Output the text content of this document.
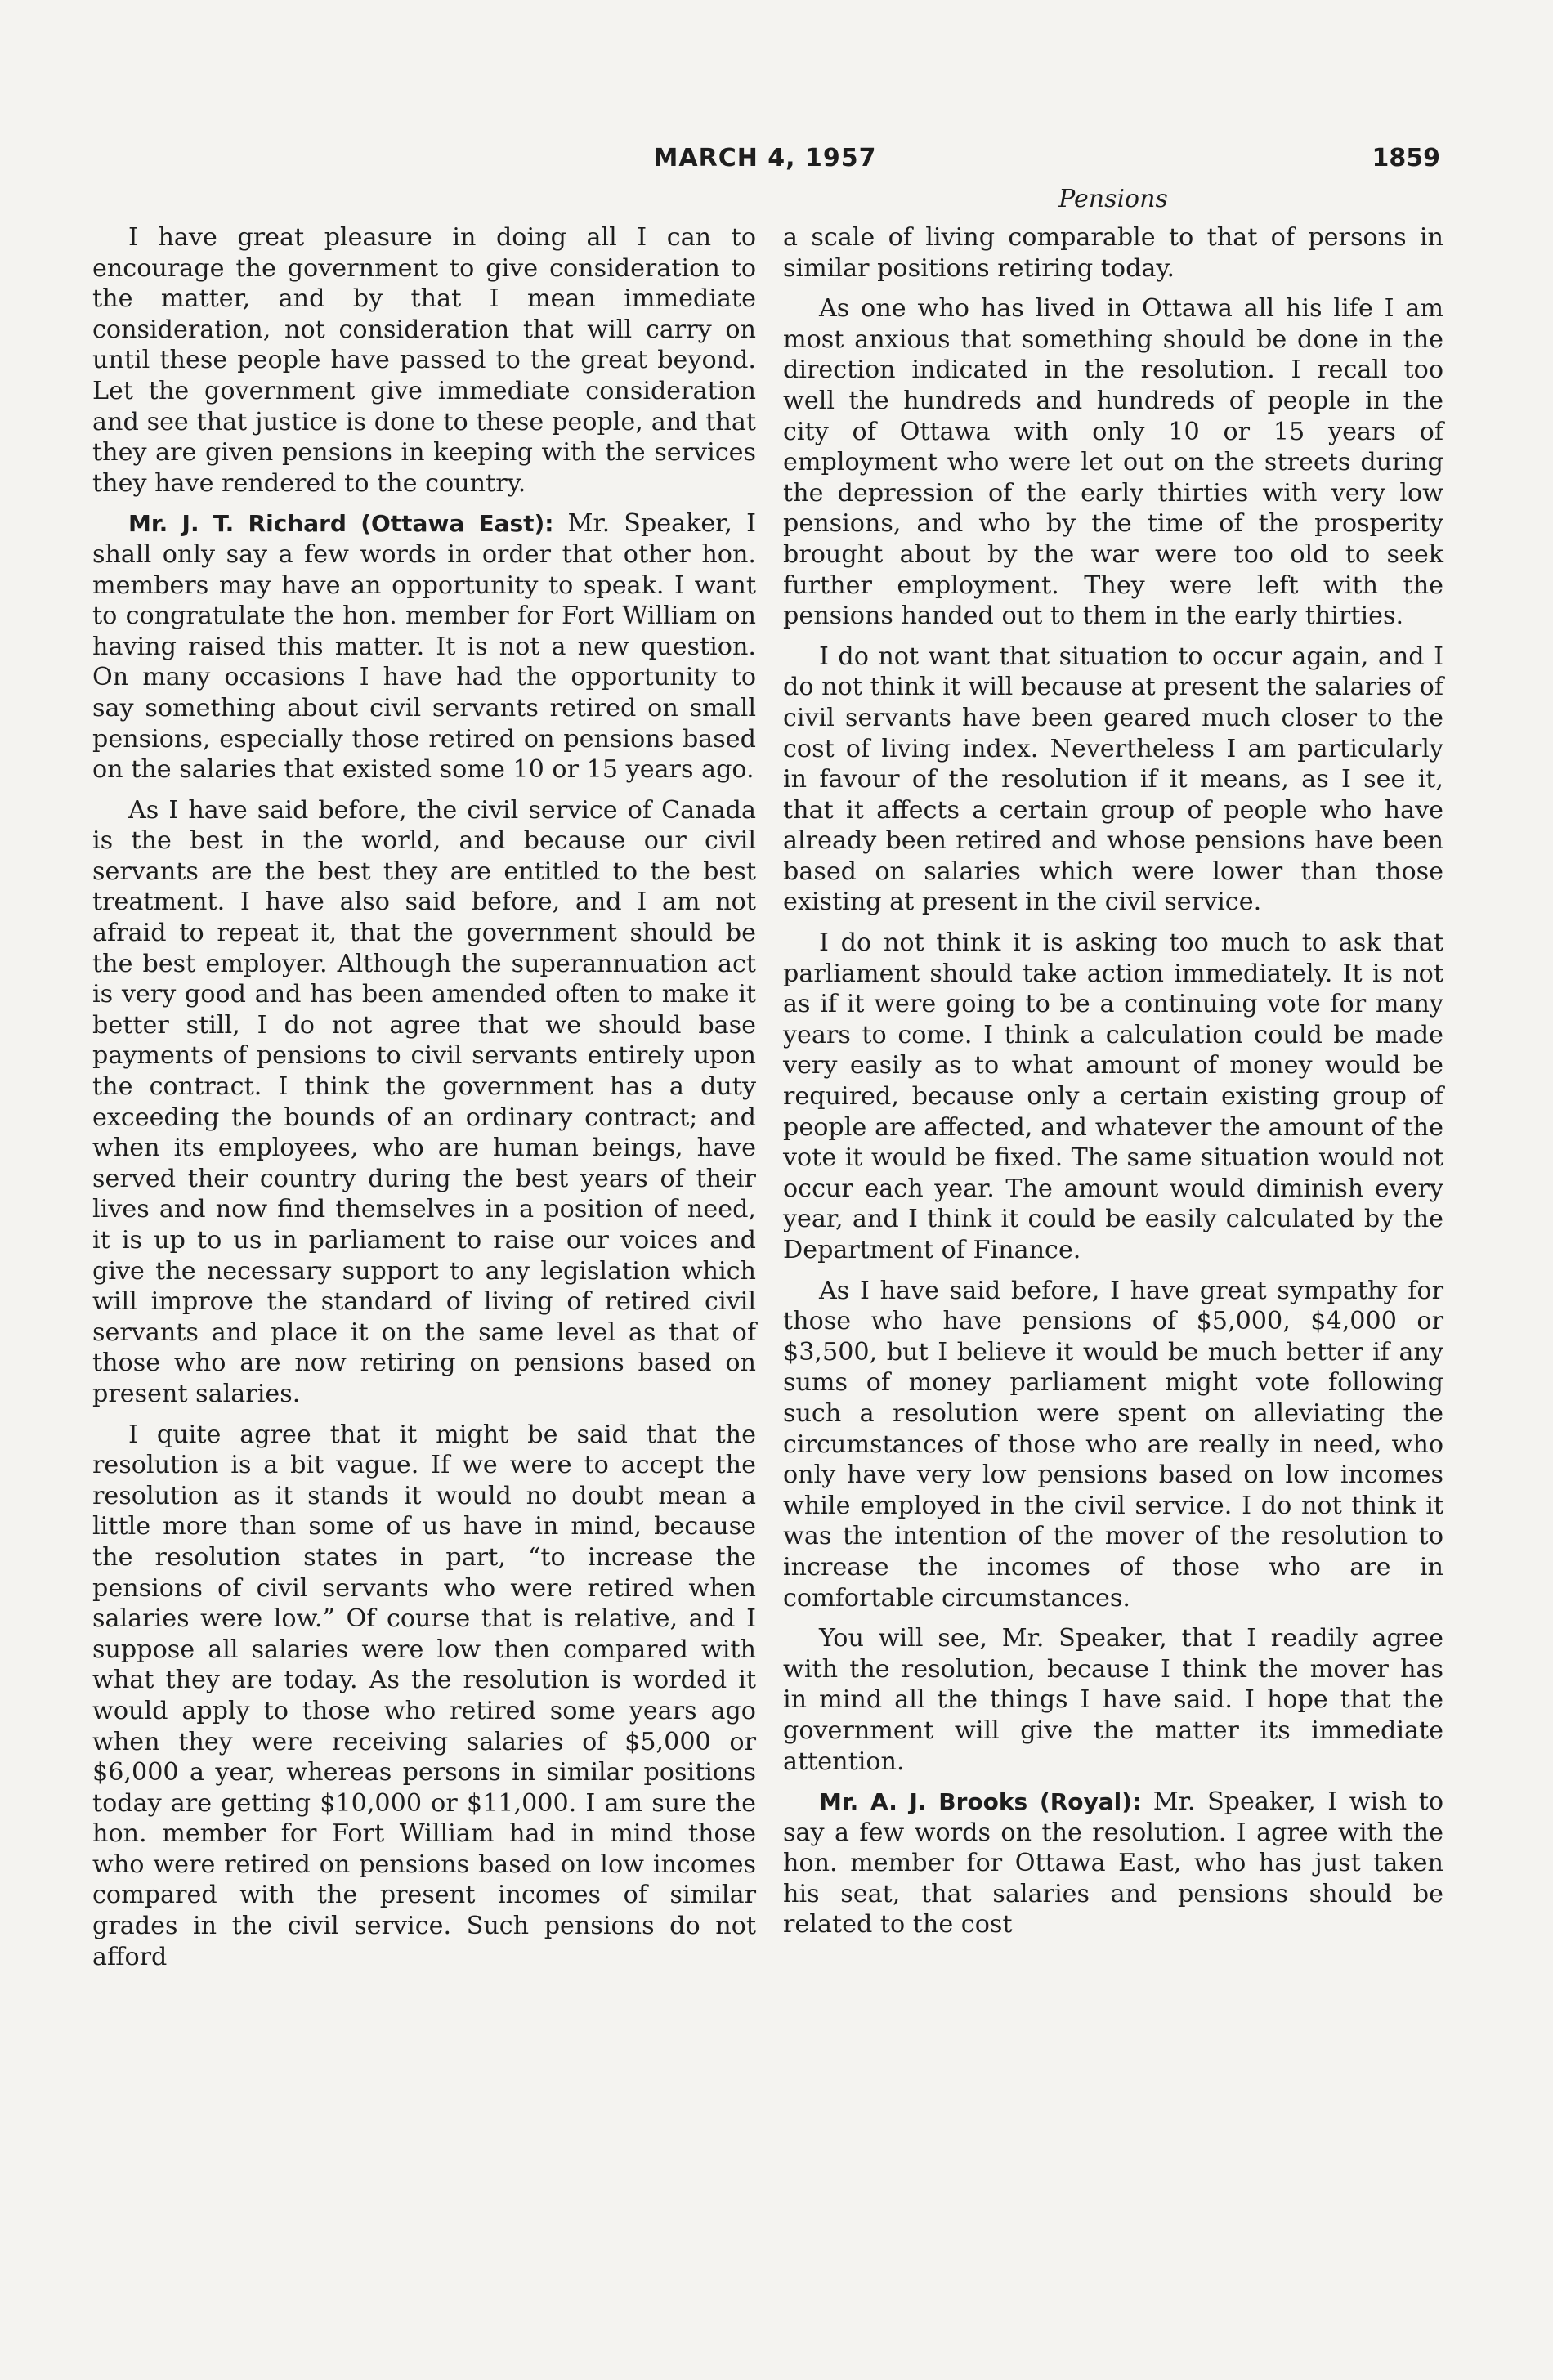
MARCH 4, 1957	1859
Pensions

I have great pleasure in doing all I can to encourage the government to give consideration to the matter, and by that I mean immediate consideration, not consideration that will carry on until these people have passed to the great beyond. Let the government give immediate consideration and see that justice is done to these people, and that they are given pensions in keeping with the services they have rendered to the country.

Mr. J. T. Richard (Ottawa East): Mr. Speaker, I shall only say a few words in order that other hon. members may have an opportunity to speak. I want to congratulate the hon. member for Fort William on having raised this matter. It is not a new question. On many occasions I have had the opportunity to say something about civil servants retired on small pensions, especially those retired on pensions based on the salaries that existed some 10 or 15 years ago.

As I have said before, the civil service of Canada is the best in the world, and because our civil servants are the best they are entitled to the best treatment. I have also said before, and I am not afraid to repeat it, that the government should be the best employer. Although the superannuation act is very good and has been amended often to make it better still, I do not agree that we should base payments of pensions to civil servants entirely upon the contract. I think the government has a duty exceeding the bounds of an ordinary contract; and when its employees, who are human beings, have served their country during the best years of their lives and now find themselves in a position of need, it is up to us in parliament to raise our voices and give the necessary support to any legislation which will improve the standard of living of retired civil servants and place it on the same level as that of those who are now retiring on pensions based on present salaries.

I quite agree that it might be said that the resolution is a bit vague. If we were to accept the resolution as it stands it would no doubt mean a little more than some of us have in mind, because the resolution states in part, “to increase the pensions of civil servants who were retired when salaries were low.” Of course that is relative, and I suppose all salaries were low then compared with what they are today. As the resolution is worded it would apply to those who retired some years ago when they were receiving salaries of $5,000 or $6,000 a year, whereas persons in similar positions today are getting $10,000 or $11,000. I am sure the hon. member for Fort William had in mind those who were retired on pensions based on low incomes compared with the present incomes of similar grades in the civil service. Such pensions do not afford

a scale of living comparable to that of persons in similar positions retiring today.

As one who has lived in Ottawa all his life I am most anxious that something should be done in the direction indicated in the resolution. I recall too well the hundreds and hundreds of people in the city of Ottawa with only 10 or 15 years of employment who were let out on the streets during the depression of the early thirties with very low pensions, and who by the time of the prosperity brought about by the war were too old to seek further employment. They were left with the pensions handed out to them in the early thirties.

I do not want that situation to occur again, and I do not think it will because at present the salaries of civil servants have been geared much closer to the cost of living index. Nevertheless I am particularly in favour of the resolution if it means, as I see it, that it affects a certain group of people who have already been retired and whose pensions have been based on salaries which were lower than those existing at present in the civil service.

I do not think it is asking too much to ask that parliament should take action immediately. It is not as if it were going to be a continuing vote for many years to come. I think a calculation could be made very easily as to what amount of money would be required, because only a certain existing group of people are affected, and whatever the amount of the vote it would be fixed. The same situation would not occur each year. The amount would diminish every year, and I think it could be easily calculated by the Department of Finance.

As I have said before, I have great sympathy for those who have pensions of $5,000, $4,000 or $3,500, but I believe it would be much better if any sums of money parliament might vote following such a resolution were spent on alleviating the circumstances of those who are really in need, who only have very low pensions based on low incomes while employed in the civil service. I do not think it was the intention of the mover of the resolution to increase the incomes of those who are in comfortable circumstances.

You will see, Mr. Speaker, that I readily agree with the resolution, because I think the mover has in mind all the things I have said. I hope that the government will give the matter its immediate attention.

Mr. A. J. Brooks (Royal): Mr. Speaker, I wish to say a few words on the resolution. I agree with the hon. member for Ottawa East, who has just taken his seat, that salaries and pensions should be related to the cost
